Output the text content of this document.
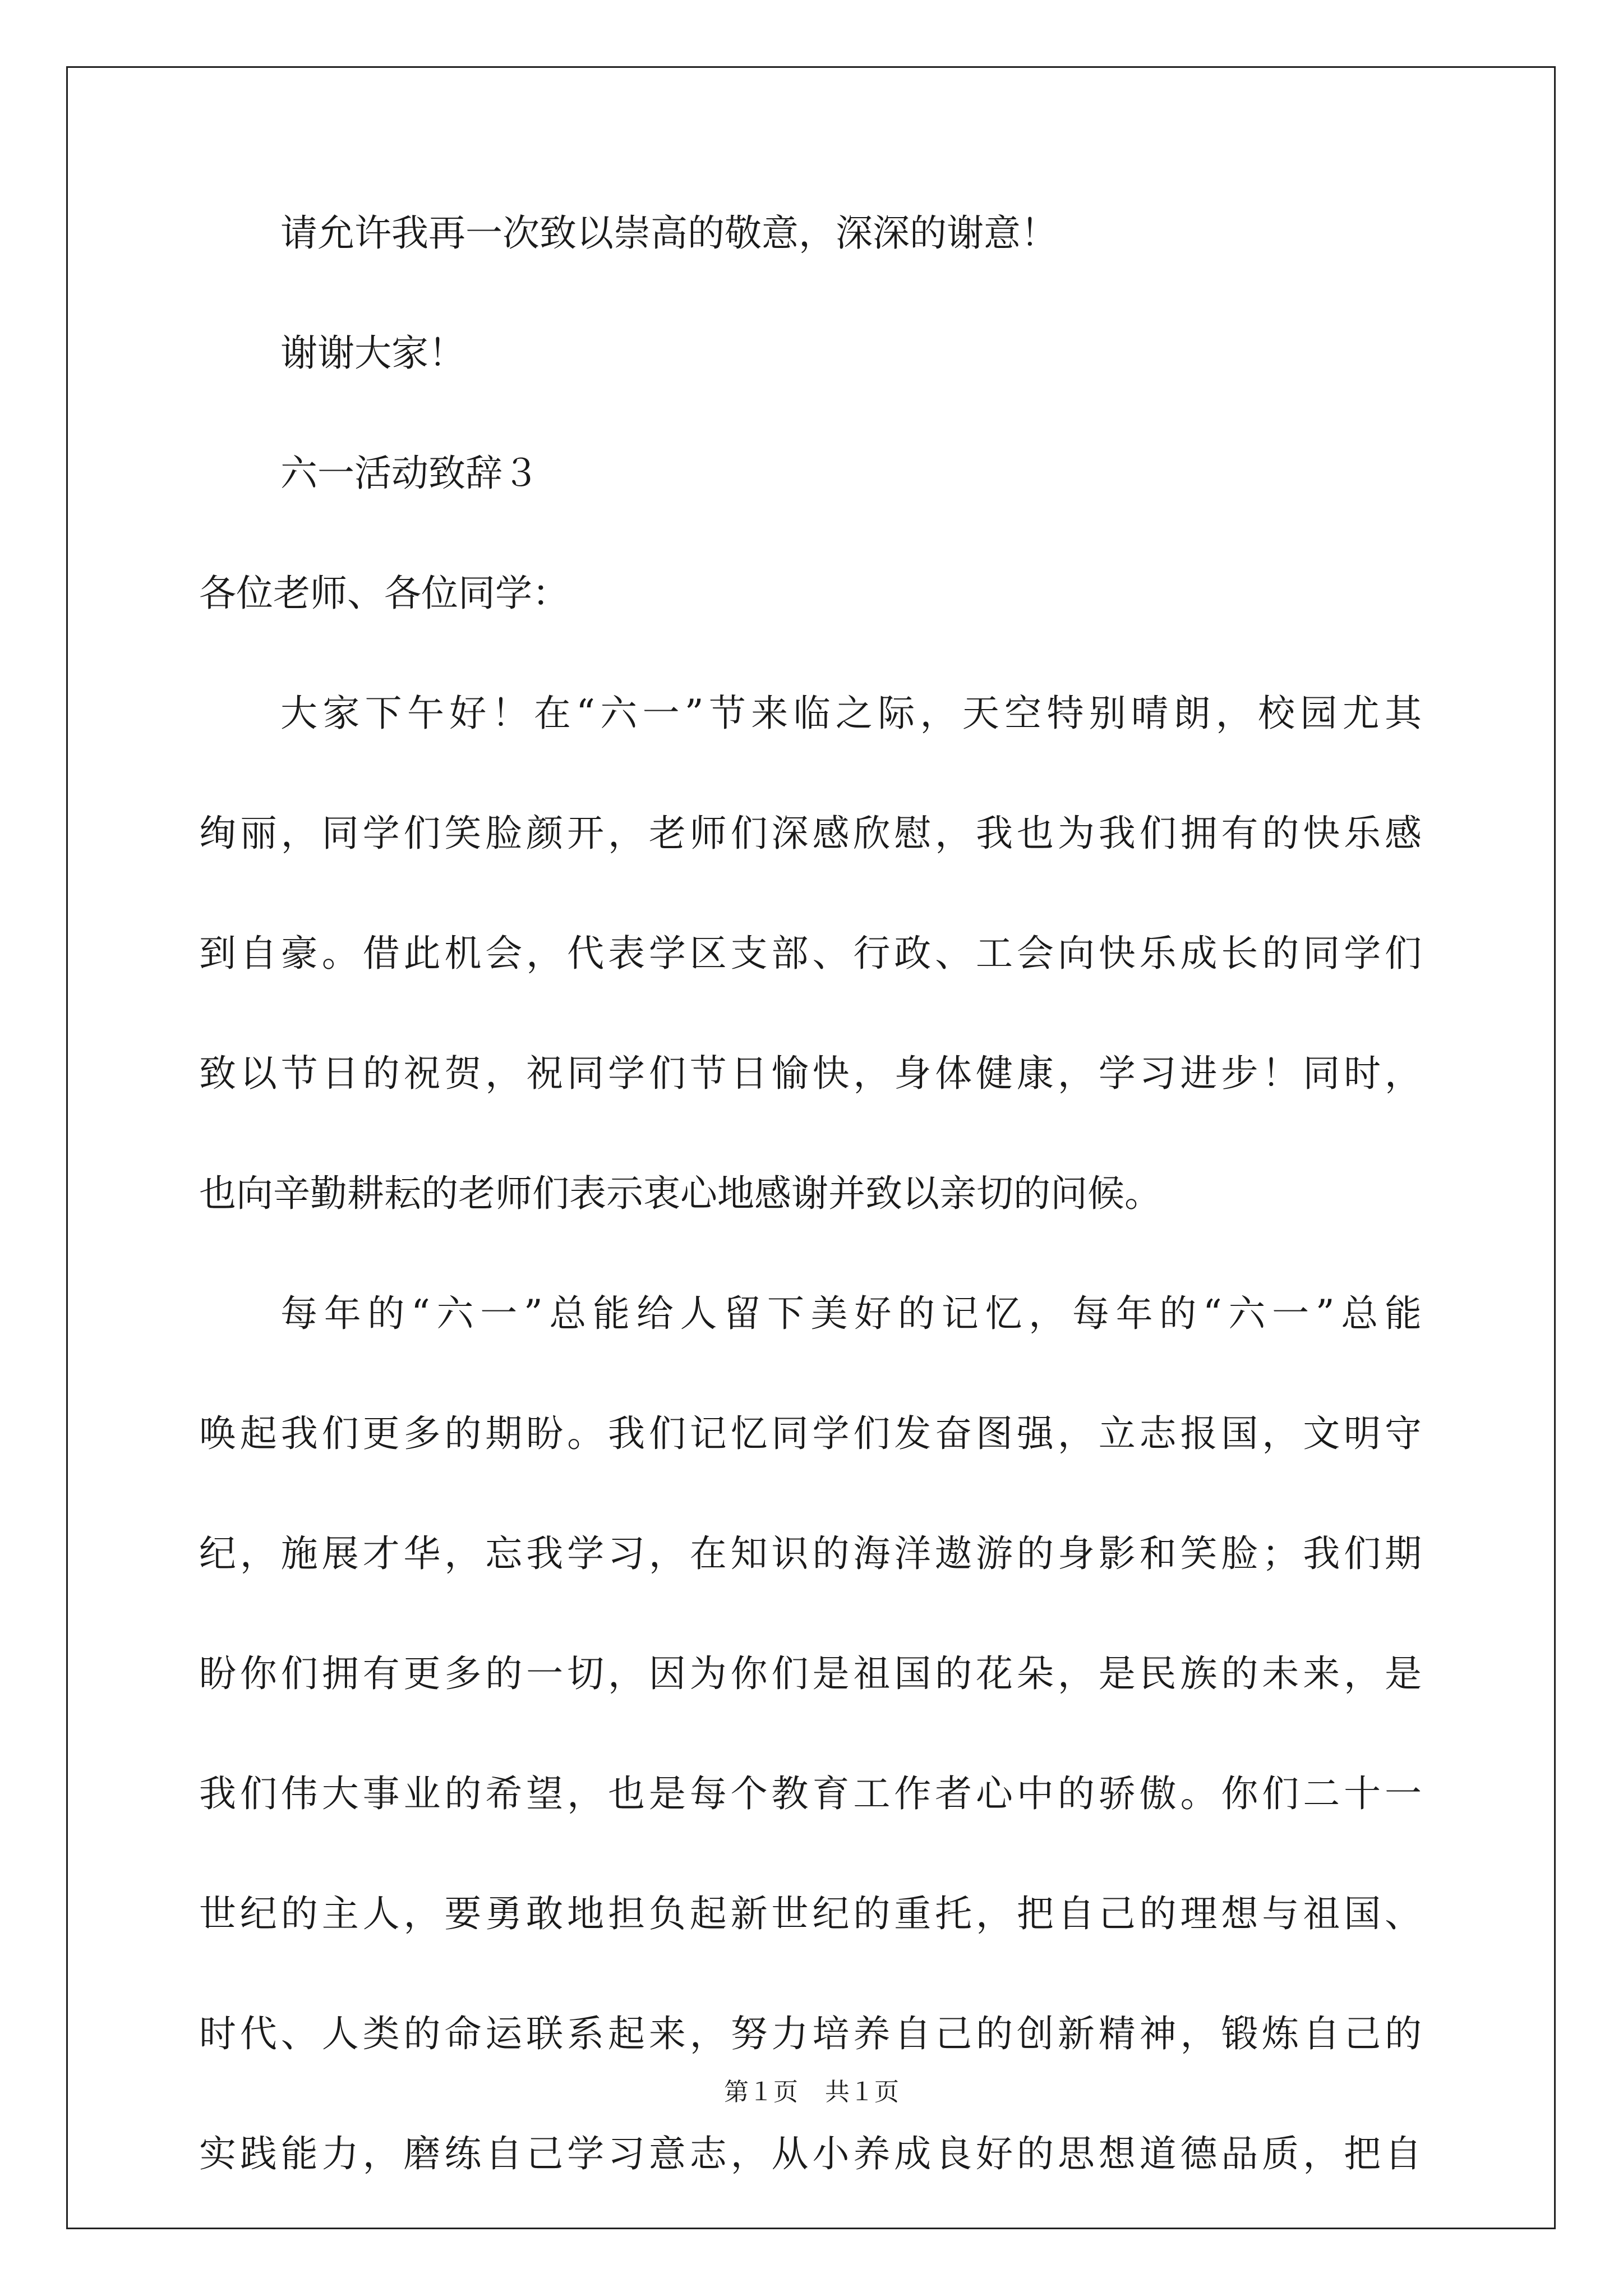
请允许我再一次致以崇高的敬意，深深的谢意！
谢谢大家！
六一活动致辞３
各位老师、各位同学：
大家下午好！在“六一”节来临之际，天空特别晴朗，校园尤其
绚丽，同学们笑脸颜开，老师们深感欣慰，我也为我们拥有的快乐感
到自豪。借此机会，代表学区支部、行政、工会向快乐成长的同学们
致以节日的祝贺，祝同学们节日愉快，身体健康，学习进步！同时，
也向辛勤耕耘的老师们表示衷心地感谢并致以亲切的问候。
每年的“六一”总能给人留下美好的记忆，每年的“六一”总能
唤起我们更多的期盼。我们记忆同学们发奋图强，立志报国，文明守
纪，施展才华，忘我学习，在知识的海洋遨游的身影和笑脸；我们期
盼你们拥有更多的一切，因为你们是祖国的花朵，是民族的未来，是
我们伟大事业的希望，也是每个教育工作者心中的骄傲。你们二十一
世纪的主人，要勇敢地担负起新世纪的重托，把自己的理想与祖国、
时代、人类的命运联系起来，努力培养自己的创新精神，锻炼自己的
实践能力，磨练自己学习意志，从小养成良好的思想道德品质，把自
第１页 共１页
